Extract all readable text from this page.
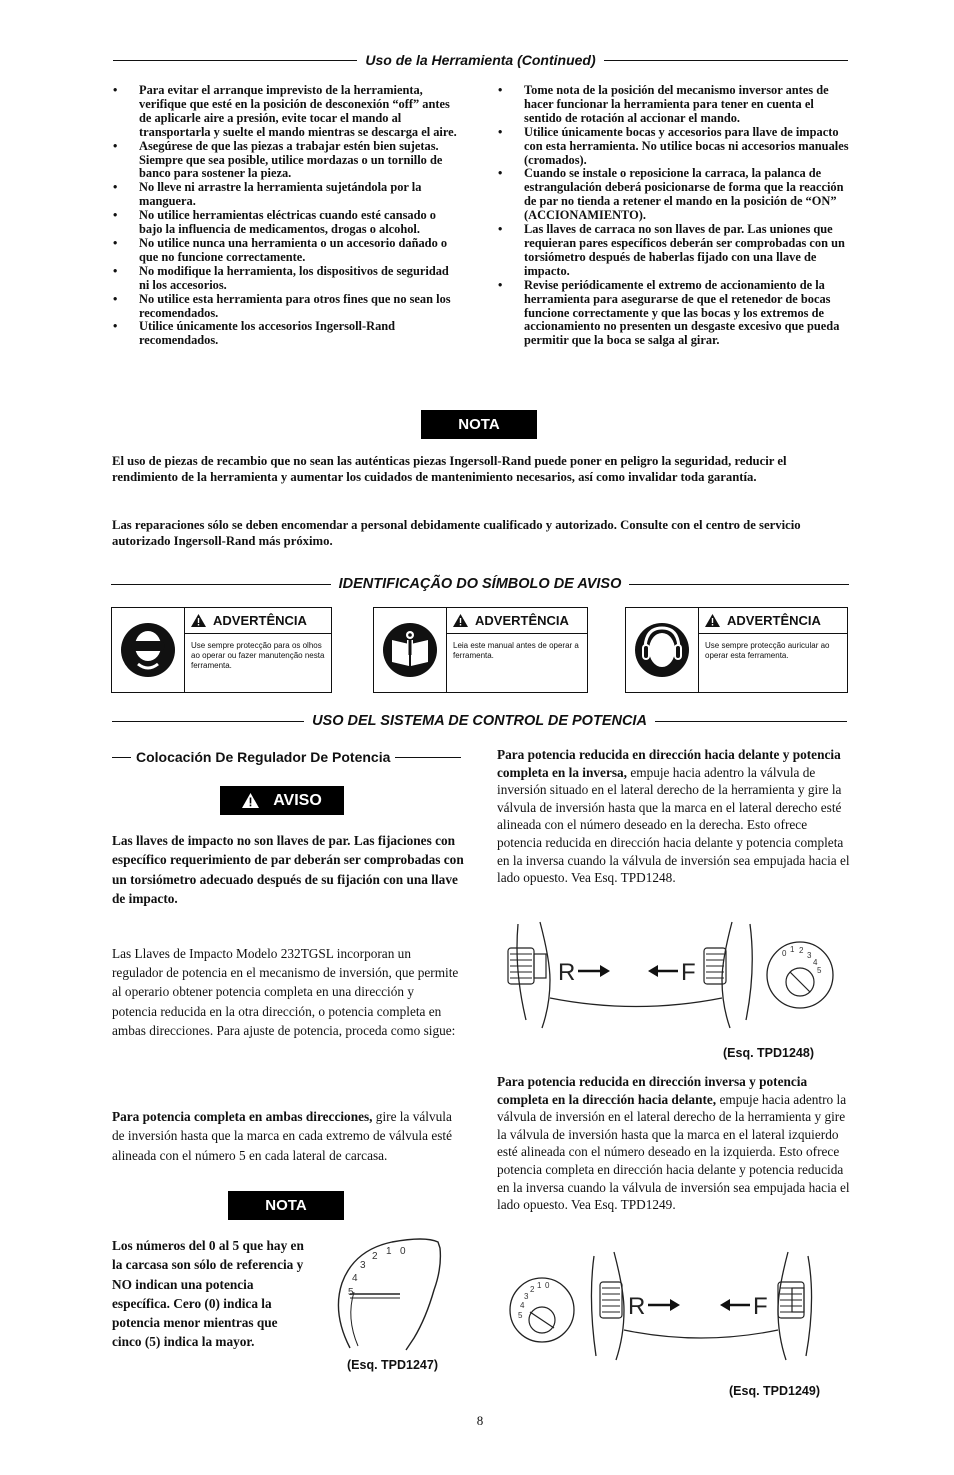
Uso de la Herramienta (Continued)
• Para evitar el arranque imprevisto de la herramienta, verifique que esté en la posición de desconexión “off” antes de aplicarle aire a presión, evite tocar el mando al transportarla y suelte el mando mientras se descarga el aire.
• Asegúrese de que las piezas a trabajar estén bien sujetas. Siempre que sea posible, utilice mordazas o un tornillo de banco para sostener la pieza.
• No lleve ni arrastre la herramienta sujetándola por la manguera.
• No utilice herramientas eléctricas cuando esté cansado o bajo la influencia de medicamentos, drogas o alcohol.
• No utilice nunca una herramienta o un accesorio dañado o que no funcione correctamente.
• No modifique la herramienta, los dispositivos de seguridad ni los accesorios.
• No utilice esta herramienta para otros fines que no sean los recomendados.
• Utilice únicamente los accesorios Ingersoll-Rand recomendados.
• Tome nota de la posición del mecanismo inversor antes de hacer funcionar la herramienta para tener en cuenta el sentido de rotación al accionar el mando.
• Utilice únicamente bocas y accesorios para llave de impacto con esta herramienta. No utilice bocas ni accesorios manuales (cromados).
• Cuando se instale o reposicione la carraca, la palanca de estrangulación deberá posicionarse de forma que la reacción de par no tienda a retener el mando en la posición de “ON” (ACCIONAMIENTO).
• Las llaves de carraca no son llaves de par. Las uniones que requieran pares específicos deberán ser comprobadas con un torsiómetro después de haberlas fijado con una llave de impacto.
• Revise periódicamente el extremo de accionamiento de la herramienta para asegurarse de que el retenedor de bocas funcione correctamente y que las bocas y los extremos de accionamiento no presenten un desgaste excesivo que pueda permitir que la boca se salga al girar.
NOTA
El uso de piezas de recambio que no sean las auténticas piezas Ingersoll-Rand puede poner en peligro la seguridad, reducir el rendimiento de la herramienta y aumentar los cuidados de mantenimiento necesarios, así como invalidar toda garantía.
Las reparaciones sólo se deben encomendar a personal debidamente cualificado y autorizado. Consulte con el centro de servicio autorizado Ingersoll-Rand más próximo.
IDENTIFICAÇÃO DO SÍMBOLO DE AVISO
ADVERTÊNCIA
Use sempre protecção para os olhos ao operar ou fazer manutenção nesta ferramenta.
ADVERTÊNCIA
Leia este manual antes de operar a ferramenta.
ADVERTÊNCIA
Use sempre protecção auricular ao operar esta ferramenta.
USO DEL SISTEMA DE CONTROL DE POTENCIA
Colocación De Regulador De Potencia
AVISO
Las llaves de impacto no son llaves de par. Las fijaciones con específico requerimiento de par deberán ser comprobadas con un torsiómetro adecuado después de su fijación con una llave de impacto.
Las Llaves de Impacto Modelo 232TGSL incorporan un regulador de potencia en el mecanismo de inversión, que permite al operario obtener potencia completa en una dirección y potencia reducida en la otra dirección, o potencia completa en ambas direcciones. Para ajuste de potencia, proceda como sigue:
Para potencia completa en ambas direcciones, gire la válvula de inversión hasta que la marca en cada extremo de válvula esté alineada con el número 5 en cada lateral de carcasa.
NOTA
Los números del 0 al 5 que hay en la carcasa son sólo de referencia y NO indican una potencia específica. Cero (0) indica la potencia menor mientras que cinco (5) indica la mayor.
5
4
3
2 1 0
(Esq. TPD1247)
Para potencia reducida en dirección hacia delante y potencia completa en la inversa, empuje hacia adentro la válvula de inversión situado en el lateral derecho de la herramienta y gire la válvula de inversión hasta que la marca en el lateral derecho esté alineada con el número deseado en la derecha. Esto ofrece potencia reducida en dirección hacia delante y potencia completa en la inversa cuando la válvula de inversión sea empujada hacia el lado opuesto. Vea Esq. TPD1248.
R	F
0 1 2
3
4
5
(Esq. TPD1248)
Para potencia reducida en dirección inversa y potencia completa en la dirección hacia delante, empuje hacia adentro la válvula de inversión en el lateral derecho de la herramienta y gire la válvula de inversión hasta que la marca en el lateral izquierdo esté alineada con el número deseado en la izquierda. Esto ofrece potencia completa en dirección hacia delante y potencia reducida en la inversa cuando la válvula de inversión sea empujada hacia el lado opuesto. Vea Esq. TPD1249.
5
4
3
2 1 0
R	F
(Esq. TPD1249)
8
